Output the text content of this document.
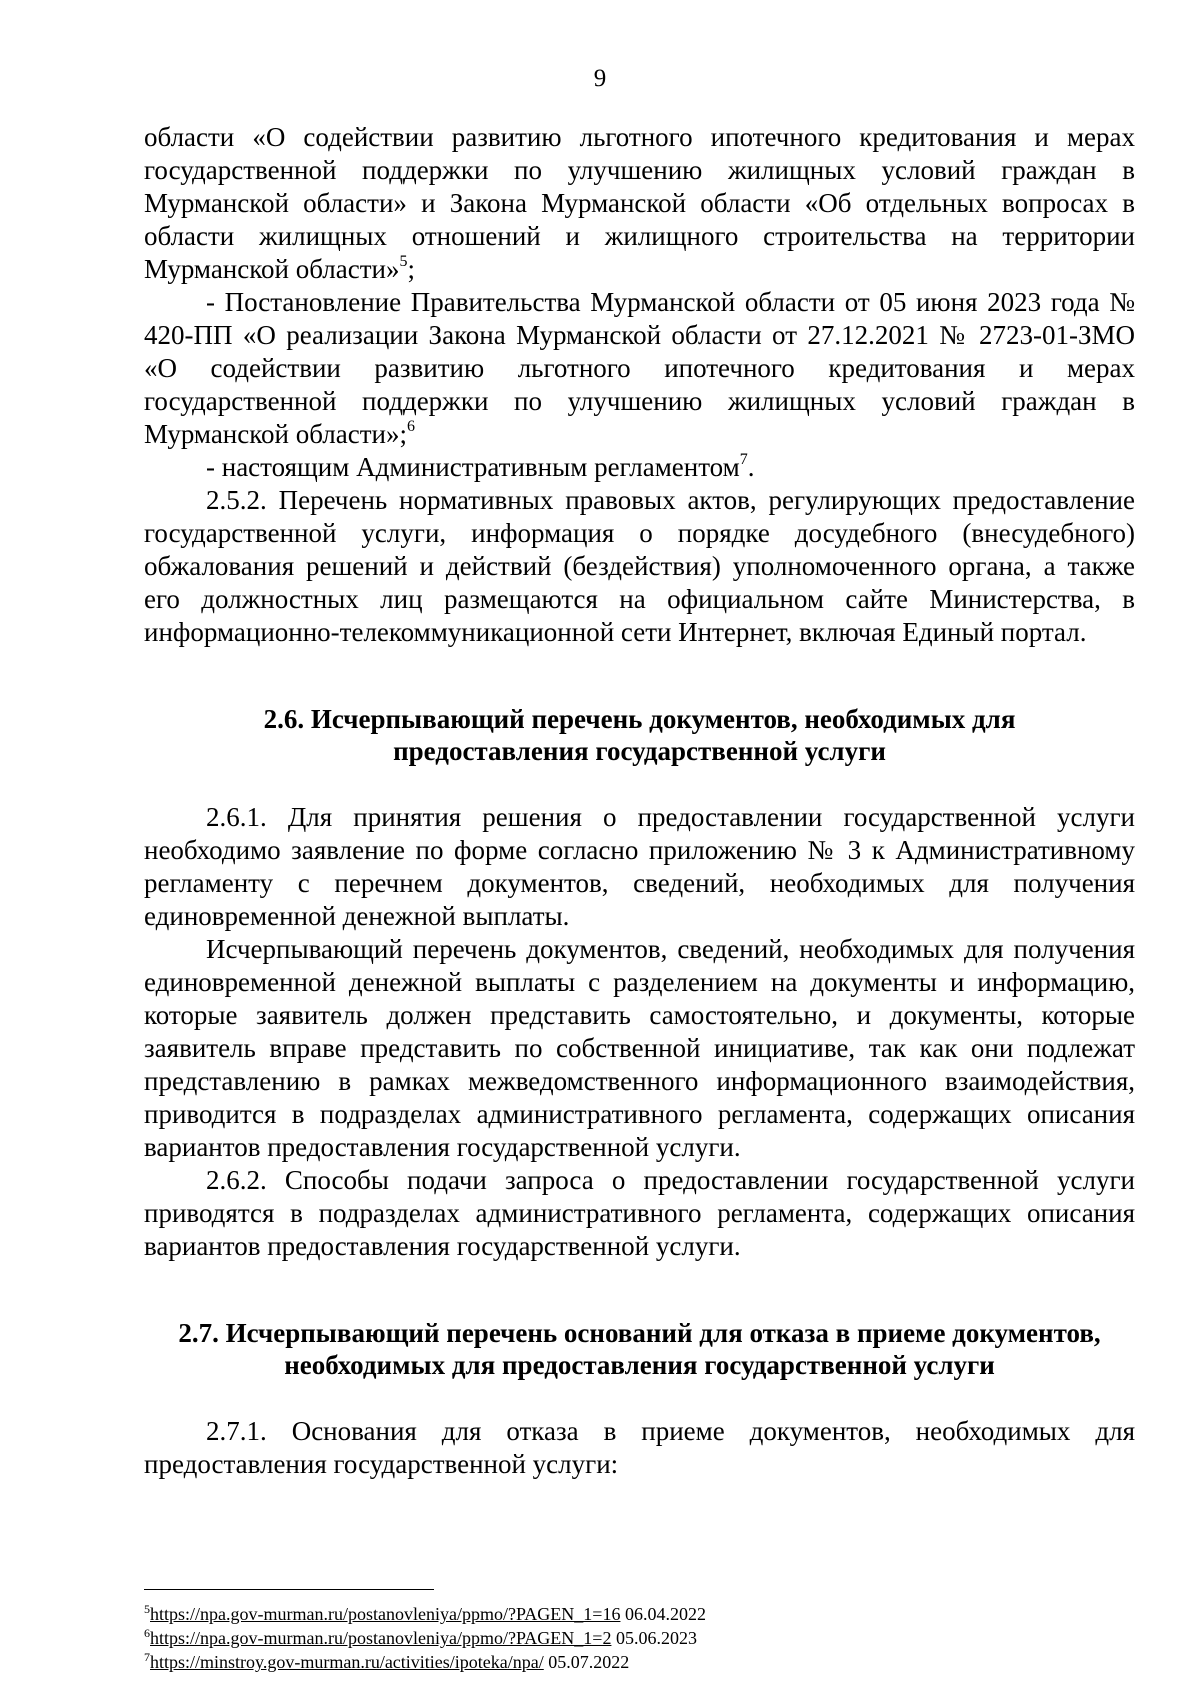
9

области «О содействии развитию льготного ипотечного кредитования и мерах государственной поддержки по улучшению жилищных условий граждан в Мурманской области» и Закона Мурманской области «Об отдельных вопросах в области жилищных отношений и жилищного строительства на территории Мурманской области»$^5$;

- Постановление Правительства Мурманской области от 05 июня 2023 года № 420-ПП «О реализации Закона Мурманской области от 27.12.2021 № 2723-01-ЗМО «О содействии развитию льготного ипотечного кредитования и мерах государственной поддержки по улучшению жилищных условий граждан в Мурманской области»;$^6$

- настоящим Административным регламентом$^7$.

2.5.2. Перечень нормативных правовых актов, регулирующих предоставление государственной услуги, информация о порядке досудебного (внесудебного) обжалования решений и действий (бездействия) уполномоченного органа, а также его должностных лиц размещаются на официальном сайте Министерства, в информационно-телекоммуникационной сети Интернет, включая Единый портал.

2.6. Исчерпывающий перечень документов, необходимых для
предоставления государственной услуги

2.6.1. Для принятия решения о предоставлении государственной услуги необходимо заявление по форме согласно приложению № 3 к Административному регламенту с перечнем документов, сведений, необходимых для получения единовременной денежной выплаты.

Исчерпывающий перечень документов, сведений, необходимых для получения единовременной денежной выплаты с разделением на документы и информацию, которые заявитель должен представить самостоятельно, и документы, которые заявитель вправе представить по собственной инициативе, так как они подлежат представлению в рамках межведомственного информационного взаимодействия, приводится в подразделах административного регламента, содержащих описания вариантов предоставления государственной услуги.

2.6.2. Способы подачи запроса о предоставлении государственной услуги приводятся в подразделах административного регламента, содержащих описания вариантов предоставления государственной услуги.

2.7. Исчерпывающий перечень оснований для отказа в приеме документов,
необходимых для предоставления государственной услуги

2.7.1. Основания для отказа в приеме документов, необходимых для предоставления государственной услуги:

$^5$https://npa.gov-murman.ru/postanovleniya/ppmo/?PAGEN_1=16 06.04.2022
$^6$https://npa.gov-murman.ru/postanovleniya/ppmo/?PAGEN_1=2 05.06.2023
$^7$https://minstroy.gov-murman.ru/activities/ipoteka/npa/ 05.07.2022
